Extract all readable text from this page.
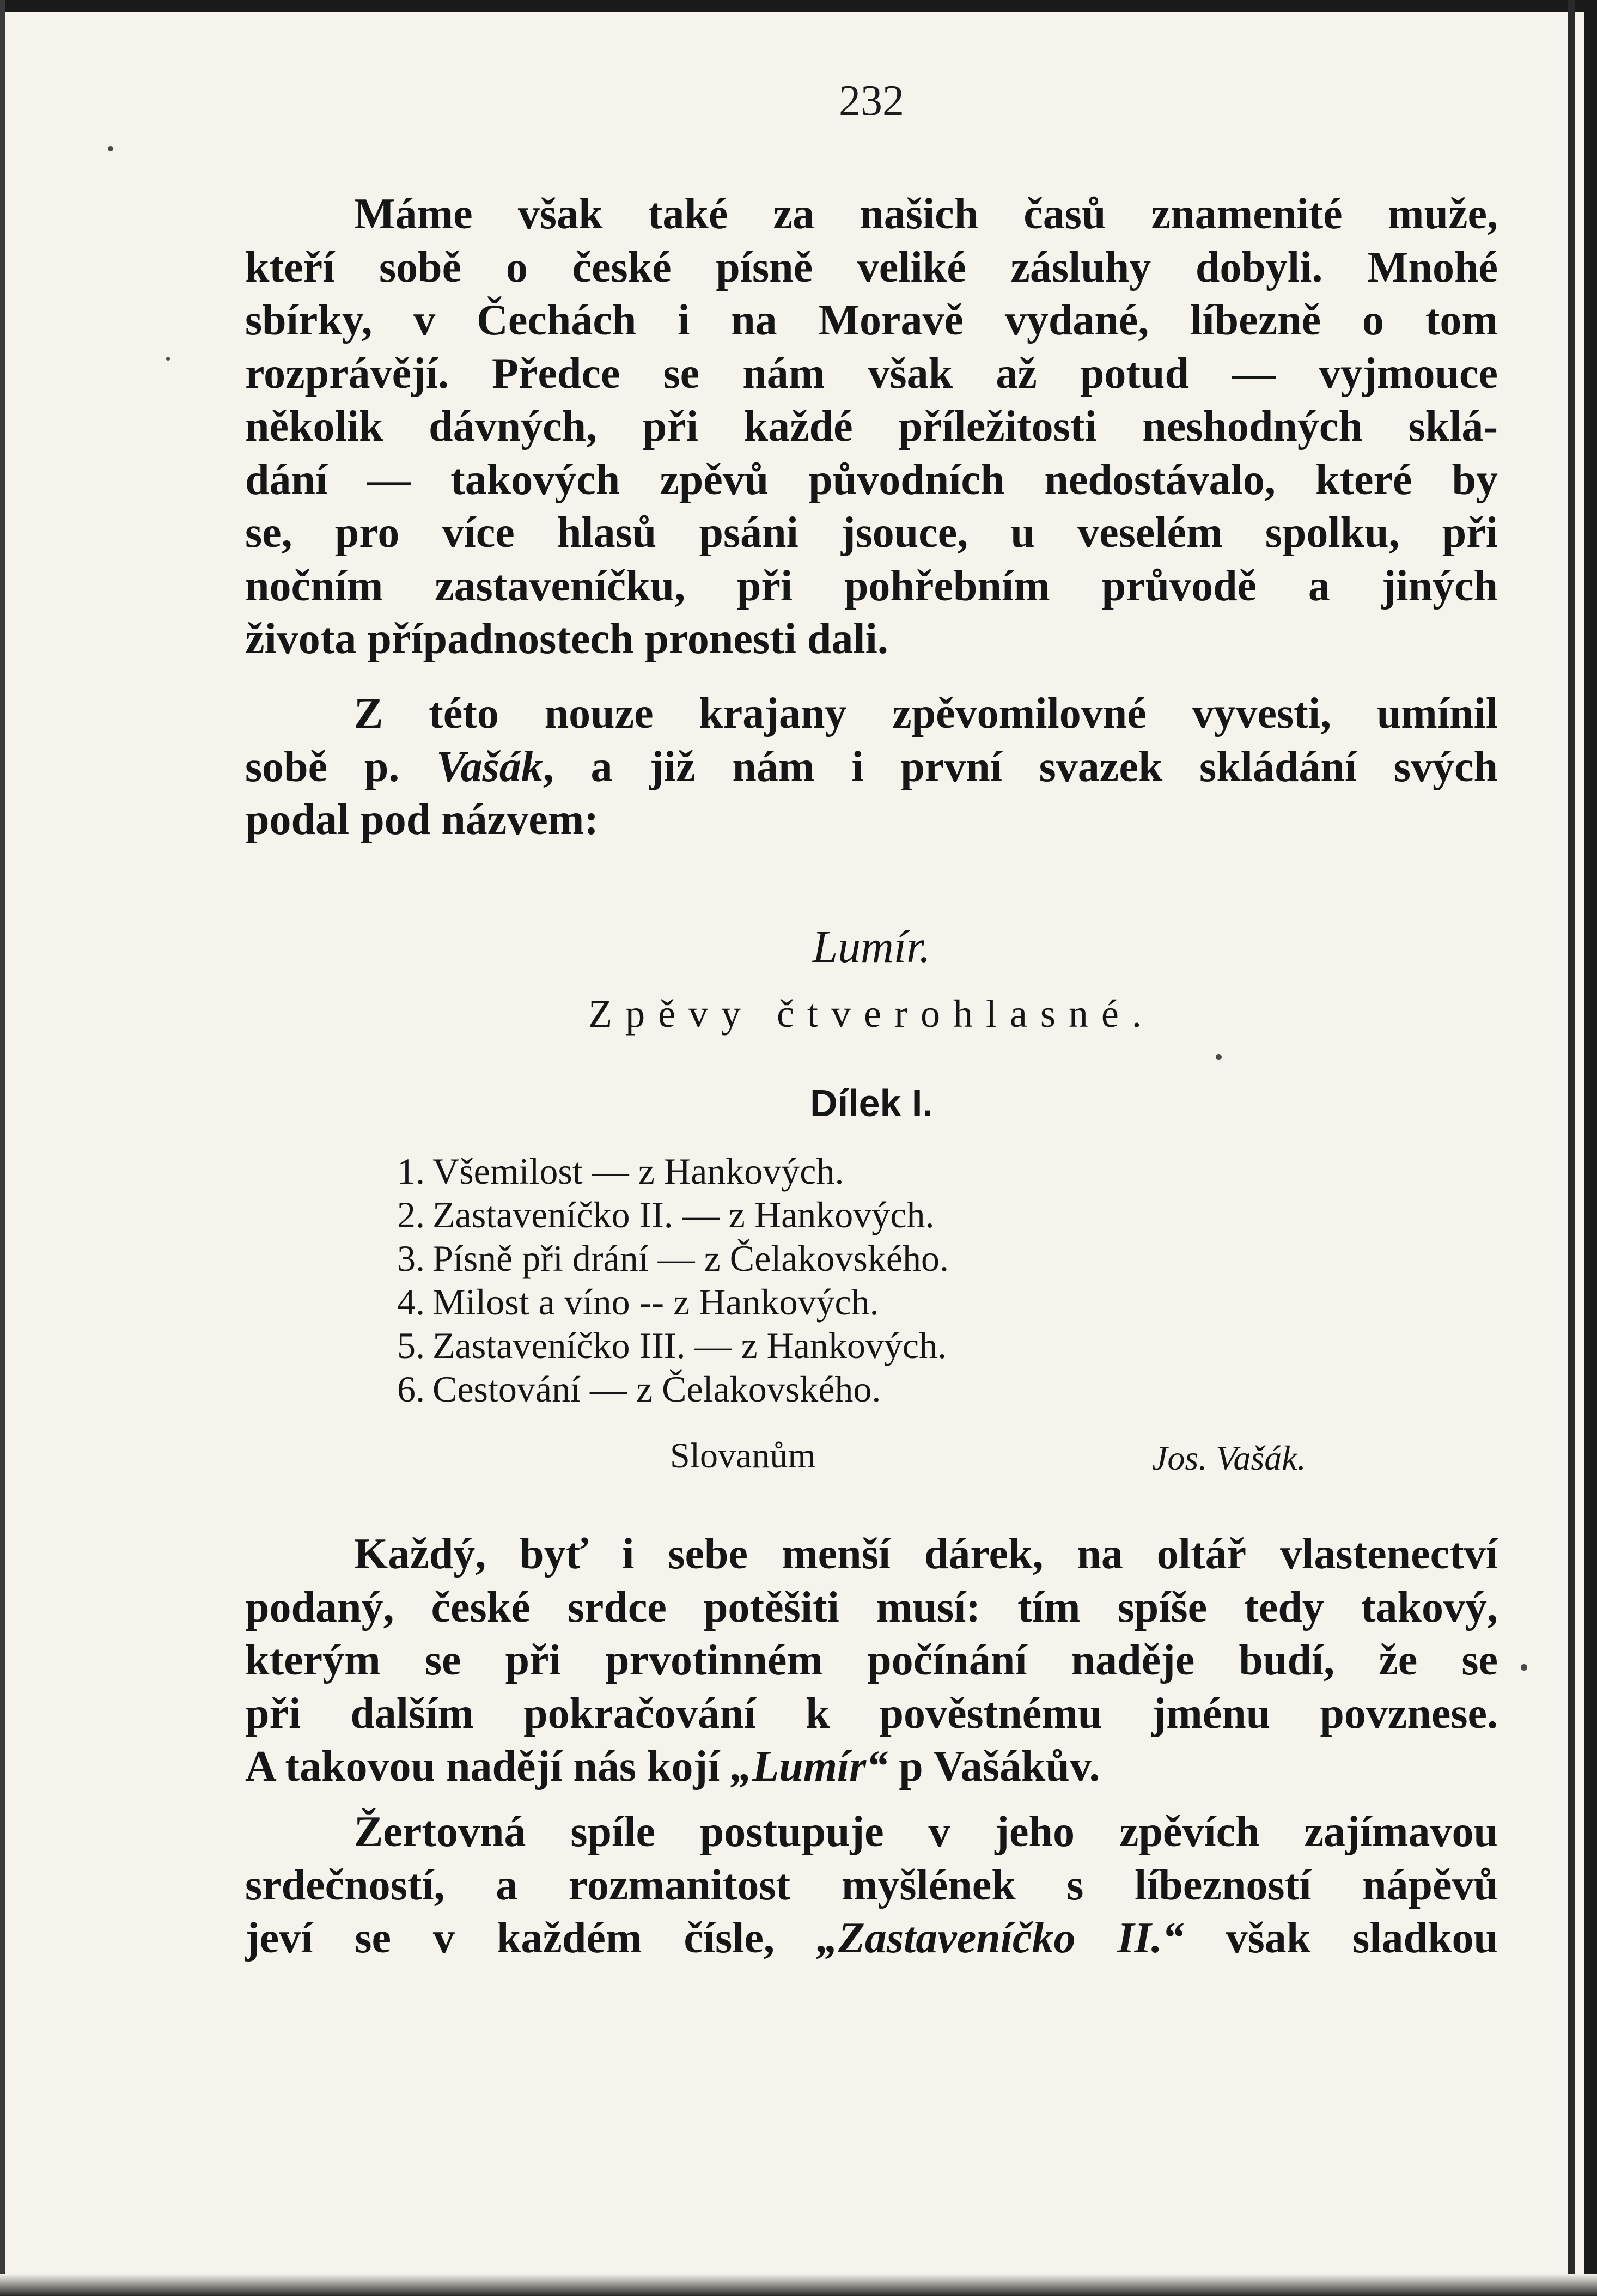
232
Máme však také za našich časů znamenité muže,
kteří sobě o české písně veliké zásluhy dobyli. Mnohé
sbírky, v Čechách i na Moravě vydané, líbezně o tom
rozprávějí. Předce se nám však až potud — vyjmouce
několik dávných, při každé příležitosti neshodných sklá-
dání — takových zpěvů původních nedostávalo, které by
se, pro více hlasů psáni jsouce, u veselém spolku, při
nočním zastaveníčku, při pohřebním průvodě a jiných
života případnostech pronesti dali.
Z této nouze krajany zpěvomilovné vyvesti, umínil
sobě p. Vašák, a již nám i první svazek skládání svých
podal pod názvem:
Lumír.
Zpěvy čtverohlasné.
Dílek I.
1. Všemilost — z Hankových.
2. Zastaveníčko II. — z Hankových.
3. Písně při drání — z Čelakovského.
4. Milost a víno -- z Hankových.
5. Zastaveníčko III. — z Hankových.
6. Cestování — z Čelakovského.
Slovanům	Jos. Vašák.
Každý, byť i sebe menší dárek, na oltář vlastenectví
podaný, české srdce potěšiti musí: tím spíše tedy takový,
kterým se při prvotinném počínání naděje budí, že se
při dalším pokračování k pověstnému jménu povznese.
A takovou nadějí nás kojí „Lumír“ p Vašákův.
Žertovná spíle postupuje v jeho zpěvích zajímavou
srdečností, a rozmanitost myšlének s líbezností nápěvů
jeví se v každém čísle, „Zastaveníčko II.“ však sladkou
